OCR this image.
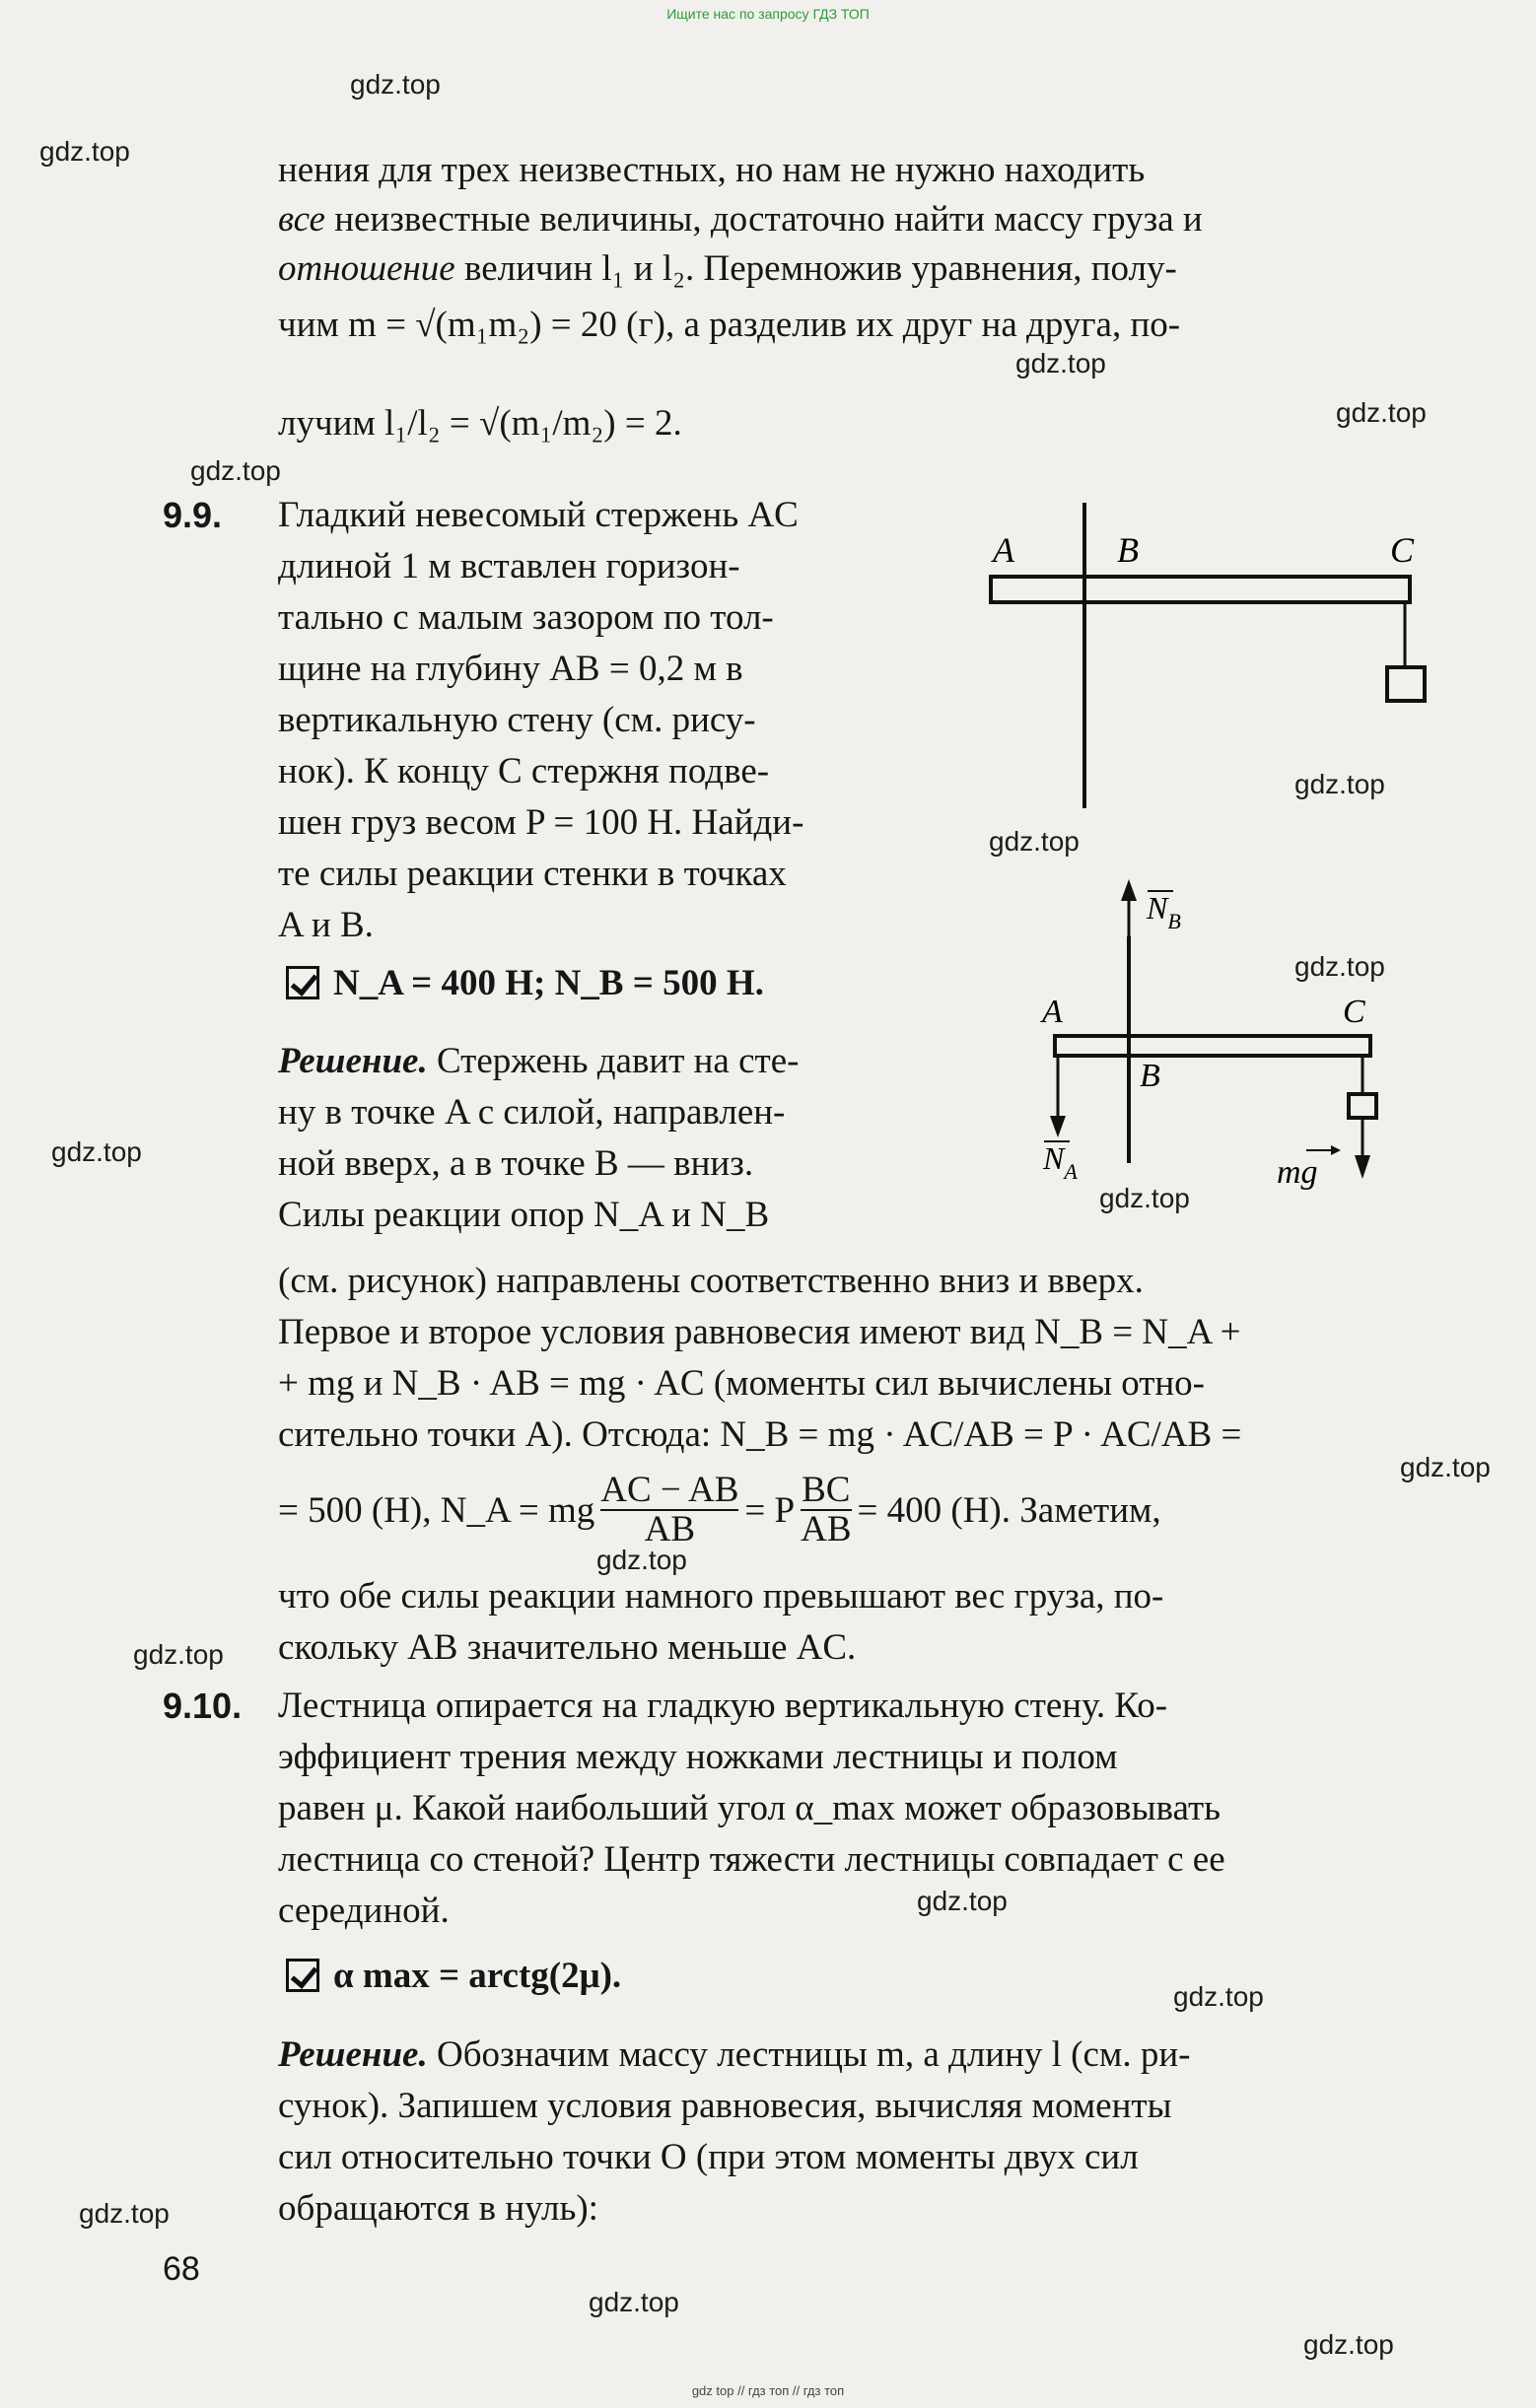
Ищите нас по запросу ГДЗ ТОП
gdz.top
gdz.top
gdz.top
gdz.top
gdz.top
gdz.top
gdz.top
gdz.top
gdz.top
gdz.top
gdz.top
gdz.top
gdz.top
gdz.top
gdz.top
gdz.top
gdz.top
gdz.top
нения для трех неизвестных, но нам не нужно находить
все неизвестные величины, достаточно найти массу груза и
отношение величин l₁ и l₂. Перемножив уравнения, полу-
чим m = √(m₁m₂) = 20 (г), а разделив их друг на друга, по-
лучим l₁/l₂ = √(m₁/m₂) = 2.
9.9. Гладкий невесомый стержень AC
длиной 1 м вставлен горизон-
тально с малым зазором по тол-
щине на глубину AB = 0,2 м в
вертикальную стену (см. рису-
нок). К концу C стержня подве-
шен груз весом P = 100 Н. Найди-
те силы реакции стенки в точках
A и B.
N_A = 400 Н; N_B = 500 Н.
Решение. Стержень давит на сте-
ну в точке A с силой, направлен-
ной вверх, а в точке B — вниз.
Силы реакции опор N_A и N_B
(см. рисунок) направлены соответственно вниз и вверх.
Первое и второе условия равновесия имеют вид N_B = N_A +
+ mg и N_B · AB = mg · AC (моменты сил вычислены отно-
сительно точки A). Отсюда: N_B = mg · AC/AB = P · AC/AB =
= 500 (Н), N_A = mg $\frac{AC - AB}{AB} = P \frac{BC}{AB} = 400$ (Н). Заметим,
что обе силы реакции намного превышают вес груза, по-
скольку AB значительно меньше AC.
A	B	C
A
B
C
$N_B$
$N_A$	mg
9.10. Лестница опирается на гладкую вертикальную стену. Ко-
эффициент трения между ножками лестницы и полом
равен μ. Какой наибольший угол α_max может образовывать
лестница со стеной? Центр тяжести лестницы совпадает с ее
серединой.
α max = arctg(2μ).
Решение. Обозначим массу лестницы m, а длину l (см. ри-
сунок). Запишем условия равновесия, вычисляя моменты
сил относительно точки O (при этом моменты двух сил
обращаются в нуль):
68
gdz top // гдз топ // гдз топ
